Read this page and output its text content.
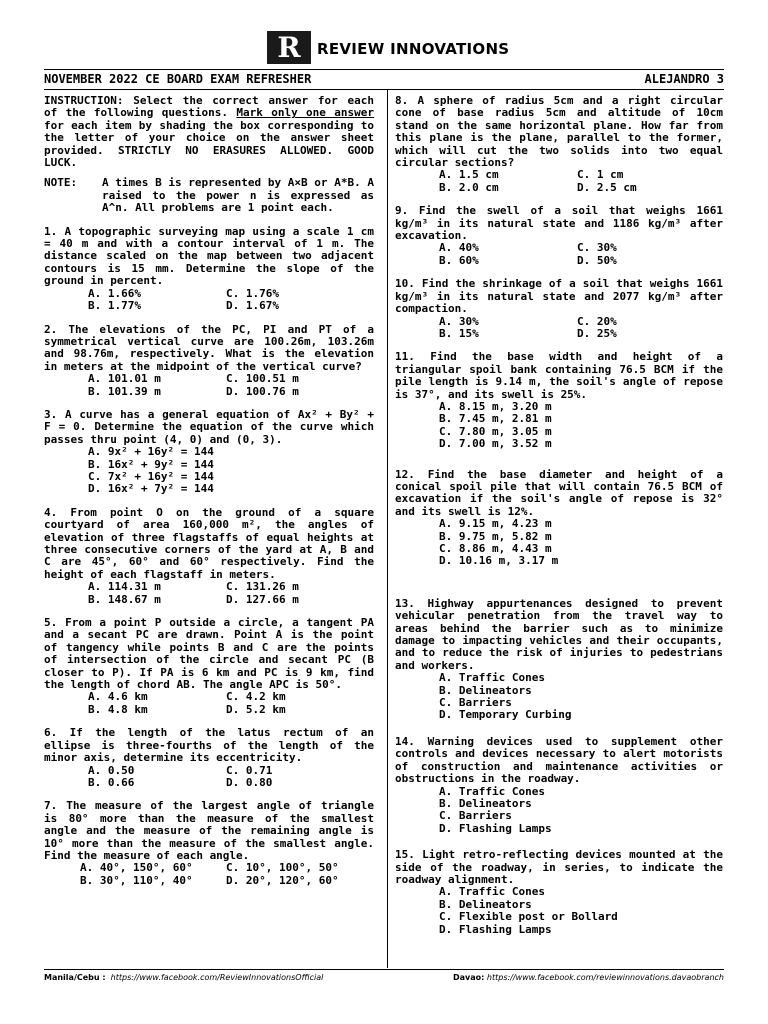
R REVIEW INNOVATIONS
NOVEMBER 2022 CE BOARD EXAM REFRESHER	ALEJANDRO 3

INSTRUCTION: Select the correct answer for each of the following questions. Mark only one answer for each item by shading the box corresponding to the letter of your choice on the answer sheet provided. STRICTLY NO ERASURES ALLOWED. GOOD LUCK.

NOTE:	A times B is represented by A×B or A*B. A raised to the power n is expressed as A^n. All problems are 1 point each.

1. A topographic surveying map using a scale 1 cm = 40 m and with a contour interval of 1 m. The distance scaled on the map between two adjacent contours is 15 mm. Determine the slope of the ground in percent.

A. 1.66%	C. 1.76%
B. 1.77%	D. 1.67%

2. The elevations of the PC, PI and PT of a symmetrical vertical curve are 100.26m, 103.26m and 98.76m, respectively. What is the elevation in meters at the midpoint of the vertical curve?

A. 101.01 m	C. 100.51 m
B. 101.39 m	D. 100.76 m

3. A curve has a general equation of Ax² + By² + F = 0. Determine the equation of the curve which passes thru point (4, 0) and (0, 3).

A. 9x² + 16y² = 144
B. 16x² + 9y² = 144
C. 7x² + 16y² = 144
D. 16x² + 7y² = 144

4. From point O on the ground of a square courtyard of area 160,000 m², the angles of elevation of three flagstaffs of equal heights at three consecutive corners of the yard at A, B and C are 45°, 60° and 60° respectively. Find the height of each flagstaff in meters.

A. 114.31 m	C. 131.26 m
B. 148.67 m	D. 127.66 m

5. From a point P outside a circle, a tangent PA and a secant PC are drawn. Point A is the point of tangency while points B and C are the points of intersection of the circle and secant PC (B closer to P). If PA is 6 km and PC is 9 km, find the length of chord AB. The angle APC is 50°.

A. 4.6 km	C. 4.2 km
B. 4.8 km	D. 5.2 km

6. If the length of the latus rectum of an ellipse is three-fourths of the length of the minor axis, determine its eccentricity.

A. 0.50	C. 0.71
B. 0.66	D. 0.80

7. The measure of the largest angle of triangle is 80° more than the measure of the smallest angle and the measure of the remaining angle is 10° more than the measure of the smallest angle. Find the measure of each angle.

A. 40°, 150°, 60°	C. 10°, 100°, 50°
B. 30°, 110°, 40°	D. 20°, 120°, 60°

8. A sphere of radius 5cm and a right circular cone of base radius 5cm and altitude of 10cm stand on the same horizontal plane. How far from this plane is the plane, parallel to the former, which will cut the two solids into two equal circular sections?

A. 1.5 cm	C. 1 cm
B. 2.0 cm	D. 2.5 cm

9. Find the swell of a soil that weighs 1661 kg/m³ in its natural state and 1186 kg/m³ after excavation.

A. 40%	C. 30%
B. 60%	D. 50%

10. Find the shrinkage of a soil that weighs 1661 kg/m³ in its natural state and 2077 kg/m³ after compaction.

A. 30%	C. 20%
B. 15%	D. 25%

11. Find the base width and height of a triangular spoil bank containing 76.5 BCM if the pile length is 9.14 m, the soil's angle of repose is 37°, and its swell is 25%.

A. 8.15 m, 3.20 m
B. 7.45 m, 2.81 m
C. 7.80 m, 3.05 m
D. 7.00 m, 3.52 m

12. Find the base diameter and height of a conical spoil pile that will contain 76.5 BCM of excavation if the soil's angle of repose is 32° and its swell is 12%.

A. 9.15 m, 4.23 m
B. 9.75 m, 5.82 m
C. 8.86 m, 4.43 m
D. 10.16 m, 3.17 m

13. Highway appurtenances designed to prevent vehicular penetration from the travel way to areas behind the barrier such as to minimize damage to impacting vehicles and their occupants, and to reduce the risk of injuries to pedestrians and workers.

A. Traffic Cones
B. Delineators
C. Barriers
D. Temporary Curbing

14. Warning devices used to supplement other controls and devices necessary to alert motorists of construction and maintenance activities or obstructions in the roadway.

A. Traffic Cones
B. Delineators
C. Barriers
D. Flashing Lamps

15. Light retro-reflecting devices mounted at the side of the roadway, in series, to indicate the roadway alignment.

A. Traffic Cones
B. Delineators
C. Flexible post or Bollard
D. Flashing Lamps
Manila/Cebu : https://www.facebook.com/ReviewInnovationsOfficial	Davao: https://www.facebook.com/reviewinnovations.davaobranch
